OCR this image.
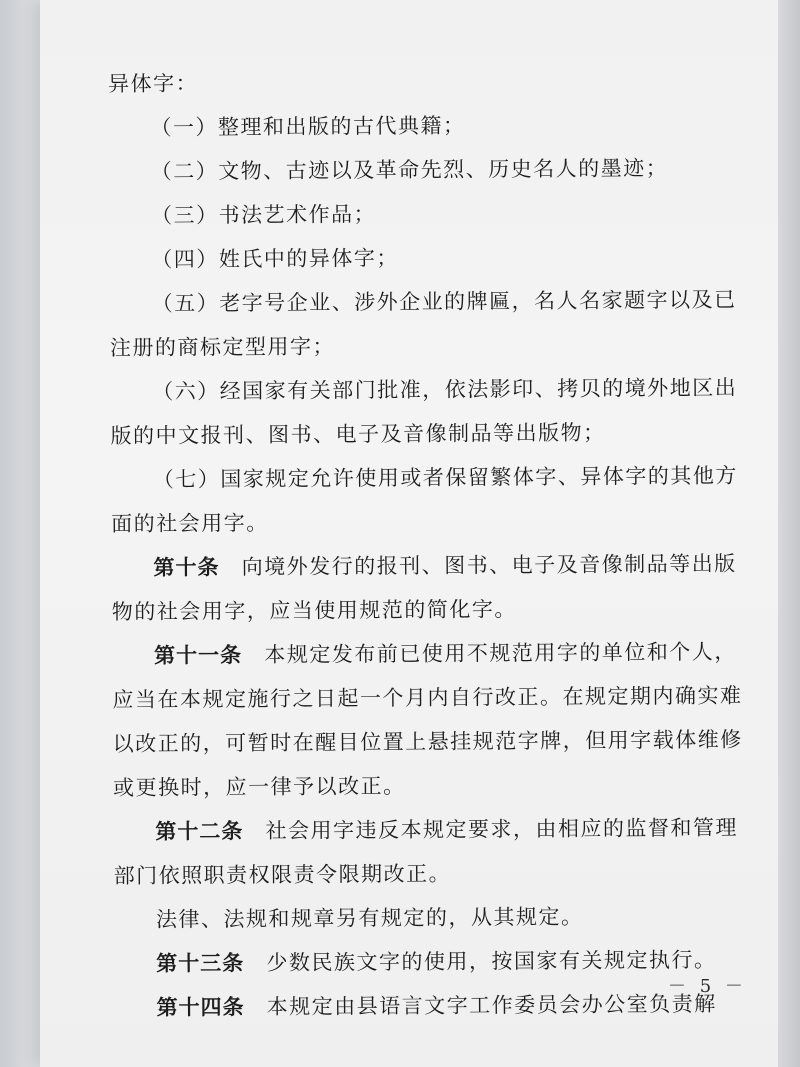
异体字：
（一）整理和出版的古代典籍；
（二）文物、古迹以及革命先烈、历史名人的墨迹；
（三）书法艺术作品；
（四）姓氏中的异体字；
（五）老字号企业、涉外企业的牌匾，名人名家题字以及已
注册的商标定型用字；
（六）经国家有关部门批准，依法影印、拷贝的境外地区出
版的中文报刊、图书、电子及音像制品等出版物；
（七）国家规定允许使用或者保留繁体字、异体字的其他方
面的社会用字。
第十条 向境外发行的报刊、图书、电子及音像制品等出版
物的社会用字，应当使用规范的简化字。
第十一条 本规定发布前已使用不规范用字的单位和个人，
应当在本规定施行之日起一个月内自行改正。在规定期内确实难
以改正的，可暂时在醒目位置上悬挂规范字牌，但用字载体维修
或更换时，应一律予以改正。
第十二条 社会用字违反本规定要求，由相应的监督和管理
部门依照职责权限责令限期改正。
法律、法规和规章另有规定的，从其规定。
第十三条 少数民族文字的使用，按国家有关规定执行。
第十四条 本规定由县语言文字工作委员会办公室负责解
－ 5 －
